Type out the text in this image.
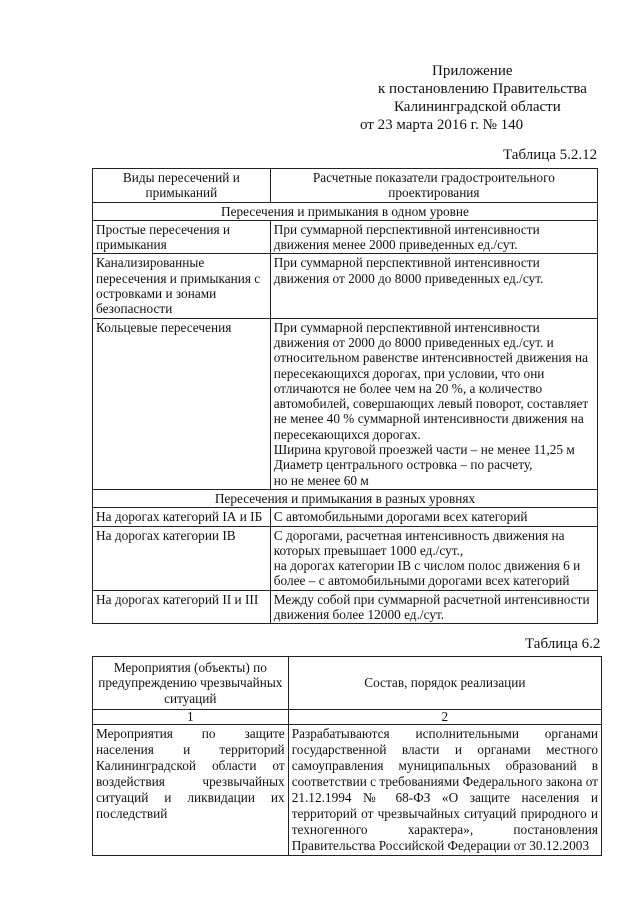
Приложение
к постановлению Правительства
Калининградской области
от 23 марта 2016 г. № 140
Таблица 5.2.12
Виды пересечений и примыканий	Расчетные показатели градостроительного проектирования
Пересечения и примыкания в одном уровне	
Простые пересечения и примыкания	При суммарной перспективной интенсивности движения менее 2000 приведенных ед./сут.
Канализированные пересечения и примыкания с островками и зонами безопасности	При суммарной перспективной интенсивности движения от 2000 до 8000 приведенных ед./сут.
Кольцевые пересечения	При суммарной перспективной интенсивности движения от 2000 до 8000 приведенных ед./сут. и относительном равенстве интенсивностей движения на пересекающихся дорогах, при условии, что они отличаются не более чем на 20 %, а количество автомобилей, совершающих левый поворот, составляет не менее 40 % суммарной интенсивности движения на пересекающихся дорогах.
Ширина круговой проезжей части – не менее 11,25 м
Диаметр центрального островка – по расчету,
но не менее 60 м

Пересечения и примыкания в разных уровнях	
На дорогах категорий IА и IБ	С автомобильными дорогами всех категорий
На дорогах категории IВ	С дорогами, расчетная интенсивность движения на которых превышает 1000 ед./сут.,
на дорогах категории IВ с числом полос движения 6 и более – с автомобильными дорогами всех категорий

На дорогах категорий II и III	Между собой при суммарной расчетной интенсивности движения более 12000 ед./сут.
Таблица 6.2
Мероприятия (объекты) по предупреждению чрезвычайных ситуаций	Состав, порядок реализации
1	2
Мероприятия по защите населения и территорий Калининградской области от воздействия чрезвычайных ситуаций и ликвидации их последствий	Разрабатываются исполнительными органами государственной власти и органами местного самоуправления муниципальных образований в соответствии с требованиями Федерального закона от 21.12.1994 № 68-ФЗ «О защите населения и территорий от чрезвычайных ситуаций природного и техногенного характера», постановления Правительства Российской Федерации от 30.12.2003
